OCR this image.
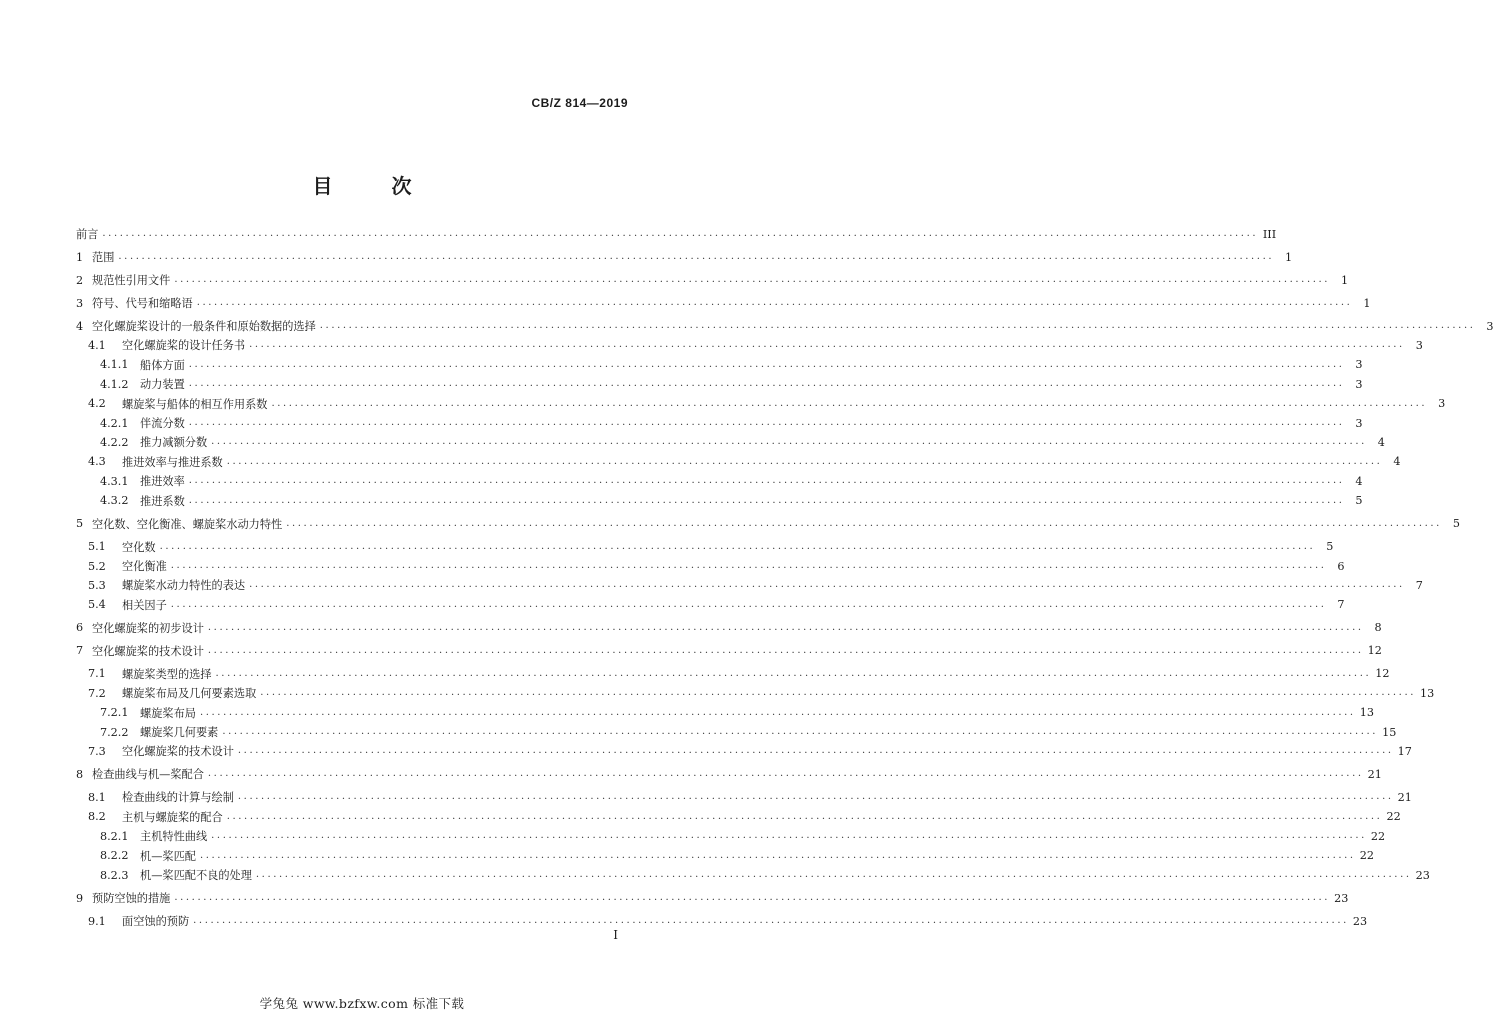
CB/Z 814—2019
目 次
前言 ........................................................................................................................................................................................................ III
1 范围 ........................................................................................................................................................................................................ 1
2 规范性引用文件 ........................................................................................................................................................................................................ 1
3 符号、代号和缩略语 ........................................................................................................................................................................................................ 1
4 空化螺旋桨设计的一般条件和原始数据的选择 ........................................................................................................................................................................................................ 3
4.1	空化螺旋桨的设计任务书 ........................................................................................................................................................................................................ 3
4.1.1	船体方面 ........................................................................................................................................................................................................ 3
4.1.2	动力装置 ........................................................................................................................................................................................................ 3
4.2	螺旋桨与船体的相互作用系数 ........................................................................................................................................................................................................ 3
4.2.1	伴流分数 ........................................................................................................................................................................................................ 3
4.2.2	推力减额分数 ........................................................................................................................................................................................................ 4
4.3	推进效率与推进系数 ........................................................................................................................................................................................................ 4
4.3.1	推进效率 ........................................................................................................................................................................................................ 4
4.3.2	推进系数 ........................................................................................................................................................................................................ 5
5 空化数、空化衡准、螺旋桨水动力特性 ........................................................................................................................................................................................................ 5
5.1	空化数 ........................................................................................................................................................................................................ 5
5.2	空化衡准 ........................................................................................................................................................................................................ 6
5.3	螺旋桨水动力特性的表达 ........................................................................................................................................................................................................ 7
5.4	相关因子 ........................................................................................................................................................................................................ 7
6 空化螺旋桨的初步设计 ........................................................................................................................................................................................................ 8
7 空化螺旋桨的技术设计 ........................................................................................................................................................................................................ 12
7.1	螺旋桨类型的选择 ........................................................................................................................................................................................................ 12
7.2	螺旋桨布局及几何要素选取 ........................................................................................................................................................................................................ 13
7.2.1	螺旋桨布局 ........................................................................................................................................................................................................ 13
7.2.2	螺旋桨几何要素 ........................................................................................................................................................................................................ 15
7.3	空化螺旋桨的技术设计 ........................................................................................................................................................................................................ 17
8 检查曲线与机—桨配合 ........................................................................................................................................................................................................ 21
8.1	检查曲线的计算与绘制 ........................................................................................................................................................................................................ 21
8.2	主机与螺旋桨的配合 ........................................................................................................................................................................................................ 22
8.2.1	主机特性曲线 ........................................................................................................................................................................................................ 22
8.2.2	机—桨匹配 ........................................................................................................................................................................................................ 22
8.2.3	机—桨匹配不良的处理 ........................................................................................................................................................................................................ 23
9 预防空蚀的措施 ........................................................................................................................................................................................................ 23
9.1	面空蚀的预防 ........................................................................................................................................................................................................ 23
I
学兔兔 www.bzfxw.com 标准下载
